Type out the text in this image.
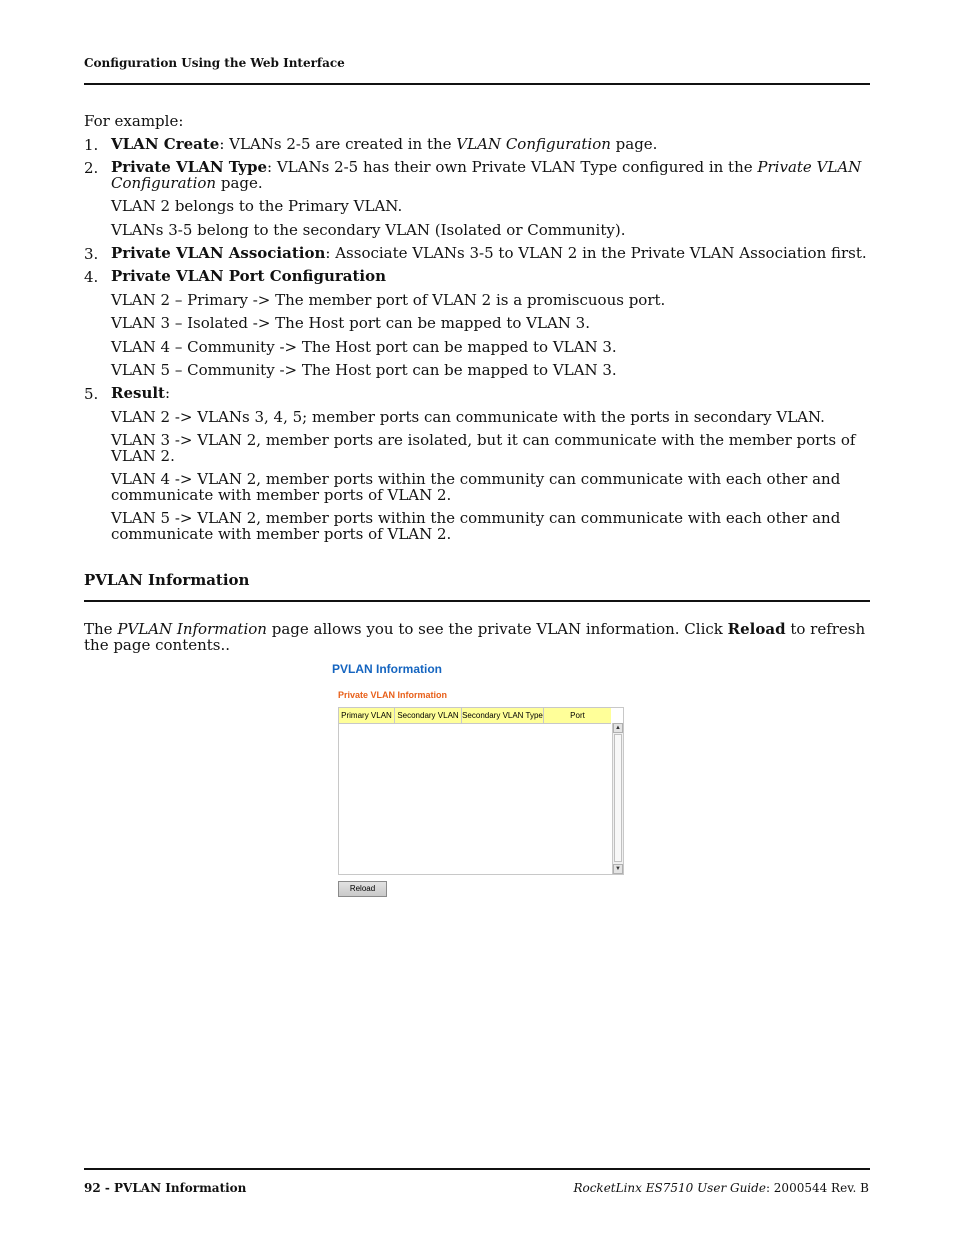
Configuration Using the Web Interface
For example:
1. VLAN Create: VLANs 2-5 are created in the VLAN Configuration page.
2. Private VLAN Type: VLANs 2-5 has their own Private VLAN Type configured in the Private VLAN Configuration page.
VLAN 2 belongs to the Primary VLAN.
VLANs 3-5 belong to the secondary VLAN (Isolated or Community).
3. Private VLAN Association: Associate VLANs 3-5 to VLAN 2 in the Private VLAN Association first.
4. Private VLAN Port Configuration
VLAN 2 – Primary -> The member port of VLAN 2 is a promiscuous port.
VLAN 3 – Isolated -> The Host port can be mapped to VLAN 3.
VLAN 4 – Community -> The Host port can be mapped to VLAN 3.
VLAN 5 – Community -> The Host port can be mapped to VLAN 3.
5. Result:
VLAN 2 -> VLANs 3, 4, 5; member ports can communicate with the ports in secondary VLAN.
VLAN 3 -> VLAN 2, member ports are isolated, but it can communicate with the member ports of VLAN 2.
VLAN 4 -> VLAN 2, member ports within the community can communicate with each other and communicate with member ports of VLAN 2.
VLAN 5 -> VLAN 2, member ports within the community can communicate with each other and communicate with member ports of VLAN 2.
PVLAN Information
The PVLAN Information page allows you to see the private VLAN information. Click Reload to refresh the page contents..
PVLAN Information
Private VLAN Information
Primary VLAN Secondary VLAN Secondary VLAN Type	Port
▲
▼
Reload
92 - PVLAN Information	RocketLinx ES7510 User Guide: 2000544 Rev. B
